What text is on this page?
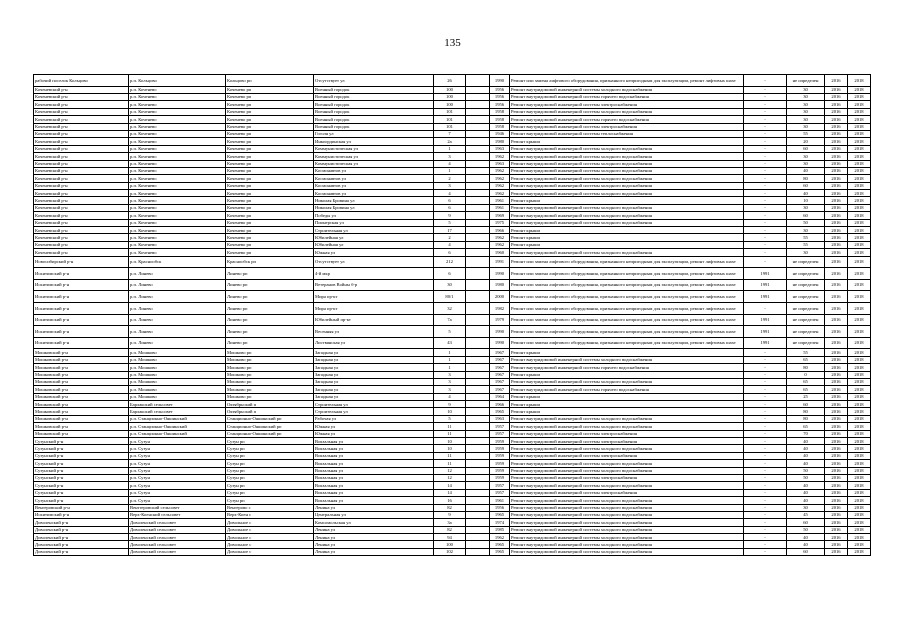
135
рабочий поселок Кольцово	р.п. Кольцово	Кольцово рп	Отсутствует ул	26		1990	Ремонт или замена лифтового оборудования, признанного непригодным для эксплуатации, ремонт лифтовых шахт	-	не определен	2016	2018
Коченевский р-н	р.п. Коченево	Коченево рп	Военный городок	100		1956	Ремонт внутридомовой инженерной системы холодного водоснабжения	-	30	2016	2018
Коченевский р-н	р.п. Коченево	Коченево рп	Военный городок	100		1956	Ремонт внутридомовой инженерной системы горячего водоснабжения	-	30	2016	2018
Коченевский р-н	р.п. Коченево	Коченево рп	Военный городок	100		1956	Ремонт внутридомовой инженерной системы электроснабжения	-	30	2016	2018
Коченевский р-н	р.п. Коченево	Коченево рп	Военный городок	101		1958	Ремонт внутридомовой инженерной системы холодного водоснабжения	-	30	2016	2018
Коченевский р-н	р.п. Коченево	Коченево рп	Военный городок	101		1958	Ремонт внутридомовой инженерной системы горячего водоснабжения	-	30	2016	2018
Коченевский р-н	р.п. Коченево	Коченево рп	Военный городок	101		1958	Ремонт внутридомовой инженерной системы электроснабжения	-	30	2016	2018
Коченевский р-н	р.п. Коченево	Коченево рп	Гоголя ул	7		1946	Ремонт внутридомовой инженерной системы теплоснабжения	-	55	2016	2018
Коченевский р-н	р.п. Коченево	Коченево рп	Инкоординская ул	2а		1980	Ремонт крыши	-	20	2016	2018
Коченевский р-н	р.п. Коченево	Коченево рп	Коммунистическая ул	1		1963	Ремонт внутридомовой инженерной системы холодного водоснабжения	-	60	2016	2018
Коченевский р-н	р.п. Коченево	Коченево рп	Коммунистическая ул	3		1962	Ремонт внутридомовой инженерной системы холодного водоснабжения	-	30	2016	2018
Коченевский р-н	р.п. Коченево	Коченево рп	Коммунистическая ул	4		1963	Ремонт внутридомовой инженерной системы холодного водоснабжения	-	30	2016	2018
Коченевский р-н	р.п. Коченево	Коченево рп	Космонавтов ул	1		1962	Ремонт внутридомовой инженерной системы холодного водоснабжения	-	40	2016	2018
Коченевский р-н	р.п. Коченево	Коченево рп	Космонавтов ул	2		1962	Ремонт внутридомовой инженерной системы холодного водоснабжения	-	80	2016	2018
Коченевский р-н	р.п. Коченево	Коченево рп	Космонавтов ул	3		1962	Ремонт внутридомовой инженерной системы холодного водоснабжения	-	60	2016	2018
Коченевский р-н	р.п. Коченево	Коченево рп	Космонавтов ул	4		1962	Ремонт внутридомовой инженерной системы холодного водоснабжения	-	40	2016	2018
Коченевский р-н	р.п. Коченево	Коченево рп	Николая Бровина ул	6		1961	Ремонт крыши	-	10	2016	2018
Коченевский р-н	р.п. Коченево	Коченево рп	Николая Бровина ул	6		1961	Ремонт внутридомовой инженерной системы холодного водоснабжения	-	30	2016	2018
Коченевский р-н	р.п. Коченево	Коченево рп	Победы ул	9		1969	Ремонт внутридомовой инженерной системы холодного водоснабжения	-	60	2016	2018
Коченевский р-н	р.п. Коченево	Коченево рп	Пионерская ул	5		1975	Ремонт внутридомовой инженерной системы холодного водоснабжения	-	50	2016	2018
Коченевский р-н	р.п. Коченево	Коченево рп	Строительная ул	17		1966	Ремонт крыши	-	30	2016	2018
Коченевский р-н	р.п. Коченево	Коченево рп	Юбилейная ул	2		1962	Ремонт крыши	-	55	2016	2018
Коченевский р-н	р.п. Коченево	Коченево рп	Юбилейная ул	4		1962	Ремонт крыши	-	55	2016	2018
Коченевский р-н	р.п. Коченево	Коченево рп	Южная ул	6		1960	Ремонт внутридомовой инженерной системы холодного водоснабжения	-	30	2016	2018
Новосибирский р-н	р.п. Краснообск	Краснообск рп	Отсутствует ул	212		1991	Ремонт или замена лифтового оборудования, признанного непригодным для эксплуатации, ремонт лифтовых шахт	-	не определен	2016	2018
Искитимский р-н	р.п. Линево	Линево рп	4-й мкр	6		1990	Ремонт или замена лифтового оборудования, признанного непригодным для эксплуатации, ремонт лифтовых шахт	1991	не определен	2016	2018
Искитимский р-н	р.п. Линево	Линево рп	Ветеранов Войны б-р	30		1980	Ремонт или замена лифтового оборудования, признанного непригодным для эксплуатации, ремонт лифтовых шахт	1991	не определен	2016	2018
Искитимский р-н	р.п. Линево	Линево рп	Мира пр-кт	80/1		2000	Ремонт или замена лифтового оборудования, признанного непригодным для эксплуатации, ремонт лифтовых шахт	1991	не определен	2016	2018
Искитимский р-н	р.п. Линево	Линево рп	Мира пр-кт	32		1982	Ремонт или замена лифтового оборудования, признанного непригодным для эксплуатации, ремонт лифтовых шахт	-	не определен	2016	2018
Искитимский р-н	р.п. Линево	Линево рп	Юбилейный пр-кт	7а		1979	Ремонт или замена лифтового оборудования, признанного непригодным для эксплуатации, ремонт лифтовых шахт	1991	не определен	2016	2018
Искитимский р-н	р.п. Линево	Линево рп	Весенняя ул	5		1990	Ремонт или замена лифтового оборудования, признанного непригодным для эксплуатации, ремонт лифтовых шахт	1991	не определен	2016	2018
Искитимский р-н	р.п. Линево	Линево рп	Листвянская ул	43		1990	Ремонт или замена лифтового оборудования, признанного непригодным для эксплуатации, ремонт лифтовых шахт	1991	не определен	2016	2018
Мошковский р-н	р.п. Мошково	Мошково рп	Западная ул	1		1967	Ремонт крыши	-	55	2016	2018
Мошковский р-н	р.п. Мошково	Мошково рп	Западная ул	1		1967	Ремонт внутридомовой инженерной системы холодного водоснабжения	-	65	2016	2018
Мошковский р-н	р.п. Мошково	Мошково рп	Западная ул	1		1967	Ремонт внутридомовой инженерной системы горячего водоснабжения	-	80	2016	2018
Мошковский р-н	р.п. Мошково	Мошково рп	Западная ул	3		1967	Ремонт крыши	-	0	2016	2018
Мошковский р-н	р.п. Мошково	Мошково рп	Западная ул	3		1967	Ремонт внутридомовой инженерной системы холодного водоснабжения	-	65	2016	2018
Мошковский р-н	р.п. Мошково	Мошково рп	Западная ул	3		1967	Ремонт внутридомовой инженерной системы горячего водоснабжения	-	65	2016	2018
Мошковский р-н	р.п. Мошково	Мошково рп	Западная ул	4		1964	Ремонт крыши	-	25	2016	2018
Мошковский р-н	Барлакский сельсовет	Октябрьский п	Строительная ул	9		1966	Ремонт крыши	-	60	2016	2018
Мошковский р-н	Барлакский сельсовет	Октябрьский п	Строительная ул	10		1965	Ремонт крыши	-	80	2016	2018
Мошковский р-н	р.п. Станционно-Ояшинский	Станционно-Ояшинский рп	Рабочая ул	5		1963	Ремонт внутридомовой инженерной системы холодного водоснабжения	-	80	2016	2018
Мошковский р-н	р.п. Станционно-Ояшинский	Станционно-Ояшинский рп	Южная ул	11		1957	Ремонт внутридомовой инженерной системы холодного водоснабжения	-	65	2016	2018
Мошковский р-н	р.п. Станционно-Ояшинский	Станционно-Ояшинский рп	Южная ул	11		1957	Ремонт внутридомовой инженерной системы электроснабжения	-	70	2016	2018
Сузунский р-н	р.п. Сузун	Сузун рп	Вокзальная ул	10		1959	Ремонт внутридомовой инженерной системы электроснабжения	-	40	2016	2018
Сузунский р-н	р.п. Сузун	Сузун рп	Вокзальная ул	10		1959	Ремонт внутридомовой инженерной системы холодного водоснабжения	-	40	2016	2018
Сузунский р-н	р.п. Сузун	Сузун рп	Вокзальная ул	11		1959	Ремонт внутридомовой инженерной системы электроснабжения	-	40	2016	2018
Сузунский р-н	р.п. Сузун	Сузун рп	Вокзальная ул	11		1959	Ремонт внутридомовой инженерной системы холодного водоснабжения	-	40	2016	2018
Сузунский р-н	р.п. Сузун	Сузун рп	Вокзальная ул	12		1959	Ремонт внутридомовой инженерной системы холодного водоснабжения	-	50	2016	2018
Сузунский р-н	р.п. Сузун	Сузун рп	Вокзальная ул	12		1959	Ремонт внутридомовой инженерной системы электроснабжения	-	50	2016	2018
Сузунский р-н	р.п. Сузун	Сузун рп	Вокзальная ул	14		1957	Ремонт внутридомовой инженерной системы холодного водоснабжения	-	40	2016	2018
Сузунский р-н	р.п. Сузун	Сузун рп	Вокзальная ул	14		1957	Ремонт внутридомовой инженерной системы электроснабжения	-	40	2016	2018
Сузунский р-н	р.п. Сузун	Сузун рп	Вокзальная ул	16		1961	Ремонт внутридомовой инженерной системы холодного водоснабжения	-	40	2016	2018
Венгеровский р-н	Вентгеровский сельсовет	Венгерово с	Ленина ул	82		1956	Ремонт внутридомовой инженерной системы холодного водоснабжения	-	30	2016	2018
Искитимский р-н	Верх-Коенский сельсовет	Верх-Коен с	Центральная ул	9		1965	Ремонт внутридомовой инженерной системы холодного водоснабжения	-	45	2016	2018
Доволенский р-н	Доволенский сельсовет	Довольное с	Комсомольская ул	3а		1974	Ремонт внутридомовой инженерной системы холодного водоснабжения	-	60	2016	2018
Доволенский р-н	Доволенский сельсовет	Довольное с	Ленина ул	82		1985	Ремонт внутридомовой инженерной системы холодного водоснабжения	-	50	2016	2018
Доволенский р-н	Доволенский сельсовет	Довольное с	Ленина ул	94		1962	Ремонт внутридомовой инженерной системы холодного водоснабжения	-	40	2016	2018
Доволенский р-н	Доволенский сельсовет	Довольное с	Ленина ул	100		1965	Ремонт внутридомовой инженерной системы холодного водоснабжения	-	40	2016	2018
Доволенский р-н	Доволенский сельсовет	Довольное с	Ленина ул	102		1965	Ремонт внутридомовой инженерной системы холодного водоснабжения	-	60	2016	2018
